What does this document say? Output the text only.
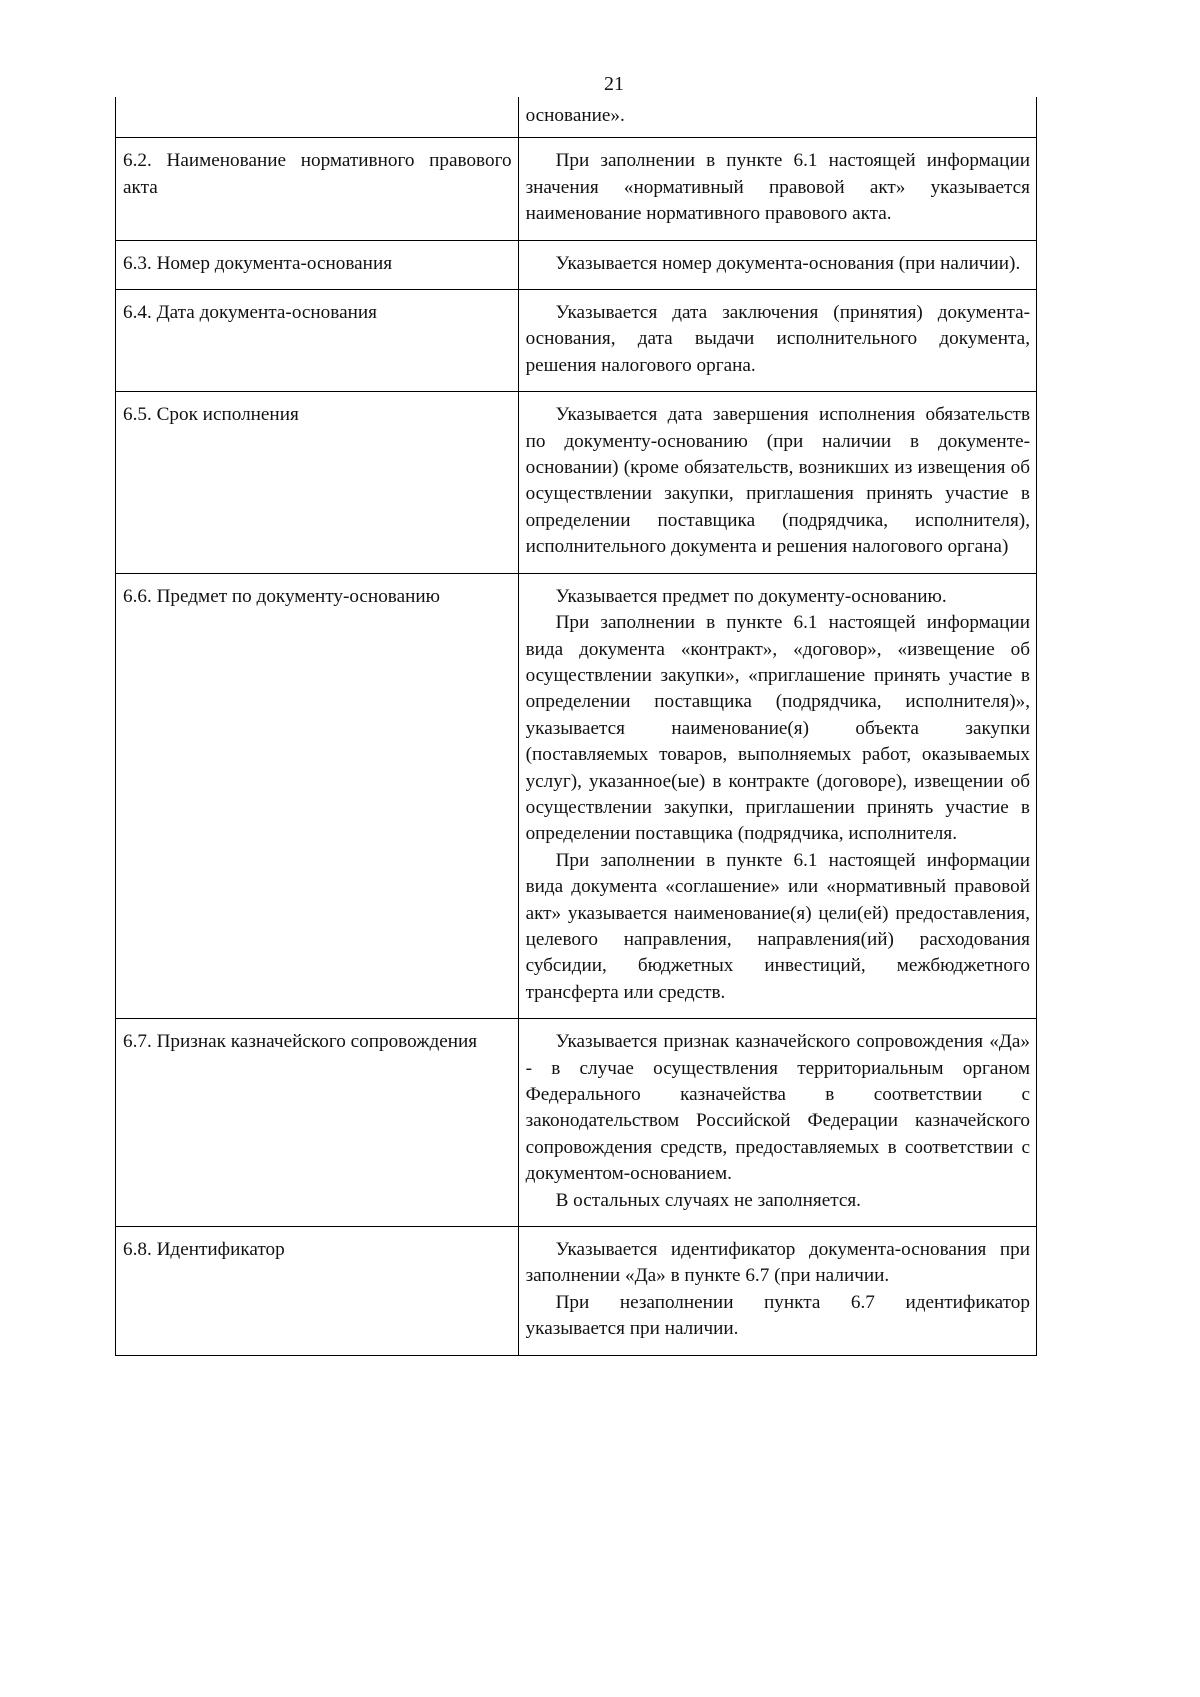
21

	основание».

6.2. Наименование нормативного правового акта	При заполнении в пункте 6.1 настоящей информации значения «нормативный правовой акт» указывается наименование нормативного правового акта.

6.3. Номер документа-основания	Указывается номер документа-основания (при наличии).

6.4. Дата документа-основания	Указывается дата заключения (принятия) документа-основания, дата выдачи исполнительного документа, решения налогового органа.

6.5. Срок исполнения	Указывается дата завершения исполнения обязательств по документу-основанию (при наличии в документе-основании) (кроме обязательств, возникших из извещения об осуществлении закупки, приглашения принять участие в определении поставщика (подрядчика, исполнителя), исполнительного документа и решения налогового органа)

6.6. Предмет по документу-основанию	Указывается предмет по документу-основанию.

При заполнении в пункте 6.1 настоящей информации вида документа «контракт», «договор», «извещение об осуществлении закупки», «приглашение принять участие в определении поставщика (подрядчика, исполнителя)», указывается наименование(я) объекта закупки (поставляемых товаров, выполняемых работ, оказываемых услуг), указанное(ые) в контракте (договоре), извещении об осуществлении закупки, приглашении принять участие в определении поставщика (подрядчика, исполнителя.

При заполнении в пункте 6.1 настоящей информации вида документа «соглашение» или «нормативный правовой акт» указывается наименование(я) цели(ей) предоставления, целевого направления, направления(ий) расходования субсидии, бюджетных инвестиций, межбюджетного трансферта или средств.

6.7. Признак казначейского сопровождения	Указывается признак казначейского сопровождения «Да» - в случае осуществления территориальным органом Федерального казначейства в соответствии с законодательством Российской Федерации казначейского сопровождения средств, предоставляемых в соответствии с документом-основанием.

В остальных случаях не заполняется.

6.8. Идентификатор	Указывается идентификатор документа-основания при заполнении «Да» в пункте 6.7 (при наличии.

При незаполнении пункта 6.7 идентификатор указывается при наличии.
